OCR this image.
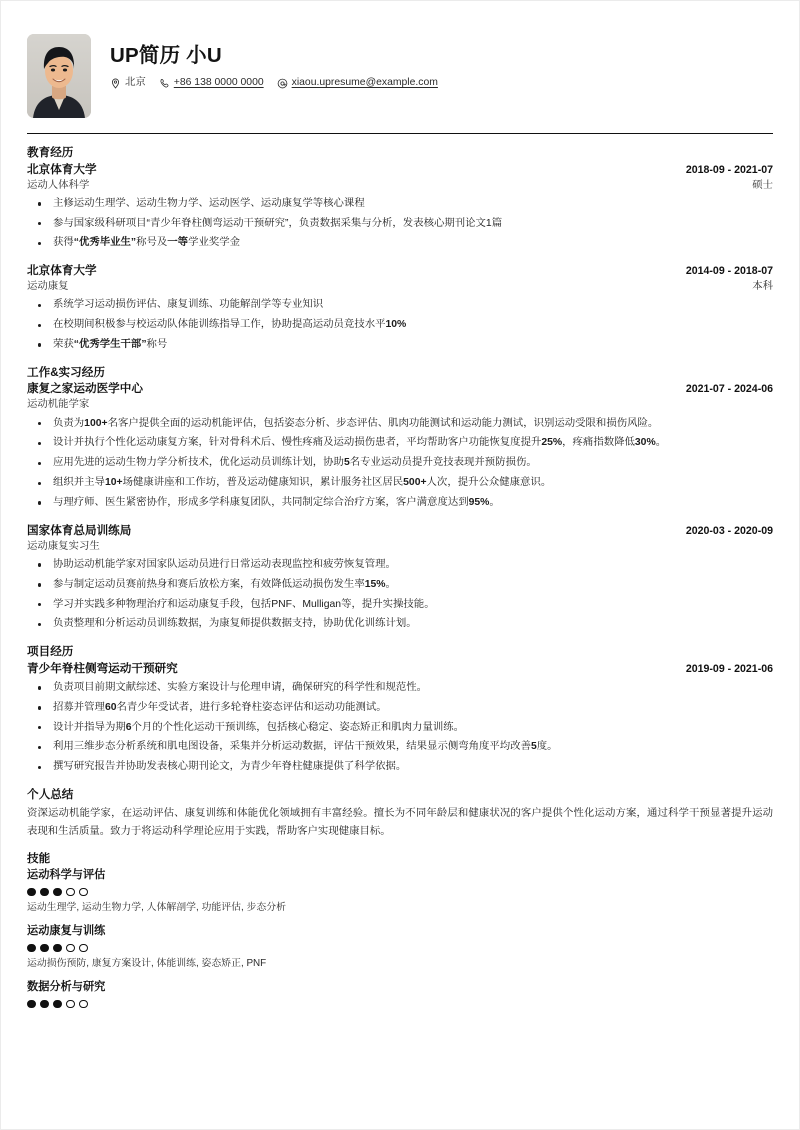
UP简历 小U
北京	+86 138 0000 0000	xiaou.upresume@example.com
教育经历
北京体育大学	2018-09 - 2021-07
运动人体科学	硕士
主修运动生理学、运动生物力学、运动医学、运动康复学等核心课程
参与国家级科研项目“青少年脊柱侧弯运动干预研究”，负责数据采集与分析，发表核心期刊论文1篇
获得“优秀毕业生”称号及一等学业奖学金
北京体育大学	2014-09 - 2018-07
运动康复	本科
系统学习运动损伤评估、康复训练、功能解剖学等专业知识
在校期间积极参与校运动队体能训练指导工作，协助提高运动员竞技水平10%
荣获“优秀学生干部”称号
工作&实习经历
康复之家运动医学中心	2021-07 - 2024-06
运动机能学家
负责为100+名客户提供全面的运动机能评估，包括姿态分析、步态评估、肌肉功能测试和运动能力测试，识别运动受限和损伤风险。
设计并执行个性化运动康复方案，针对骨科术后、慢性疼痛及运动损伤患者，平均帮助客户功能恢复度提升25%，疼痛指数降低30%。
应用先进的运动生物力学分析技术，优化运动员训练计划，协助5名专业运动员提升竞技表现并预防损伤。
组织并主导10+场健康讲座和工作坊，普及运动健康知识，累计服务社区居民500+人次，提升公众健康意识。
与理疗师、医生紧密协作，形成多学科康复团队，共同制定综合治疗方案，客户满意度达到95%。
国家体育总局训练局	2020-03 - 2020-09
运动康复实习生
协助运动机能学家对国家队运动员进行日常运动表现监控和疲劳恢复管理。
参与制定运动员赛前热身和赛后放松方案，有效降低运动损伤发生率15%。
学习并实践多种物理治疗和运动康复手段，包括PNF、Mulligan等，提升实操技能。
负责整理和分析运动员训练数据，为康复师提供数据支持，协助优化训练计划。
项目经历
青少年脊柱侧弯运动干预研究	2019-09 - 2021-06
负责项目前期文献综述、实验方案设计与伦理申请，确保研究的科学性和规范性。
招募并管理60名青少年受试者，进行多轮脊柱姿态评估和运动功能测试。
设计并指导为期6个月的个性化运动干预训练，包括核心稳定、姿态矫正和肌肉力量训练。
利用三维步态分析系统和肌电图设备，采集并分析运动数据，评估干预效果，结果显示侧弯角度平均改善5度。
撰写研究报告并协助发表核心期刊论文，为青少年脊柱健康提供了科学依据。
个人总结
资深运动机能学家，在运动评估、康复训练和体能优化领域拥有丰富经验。擅长为不同年龄层和健康状况的客户提供个性化运动方案，通过科学干预显著提升运动表现和生活质量。致力于将运动科学理论应用于实践，帮助客户实现健康目标。
技能
运动科学与评估
运动生理学, 运动生物力学, 人体解剖学, 功能评估, 步态分析
运动康复与训练
运动损伤预防, 康复方案设计, 体能训练, 姿态矫正, PNF
数据分析与研究
